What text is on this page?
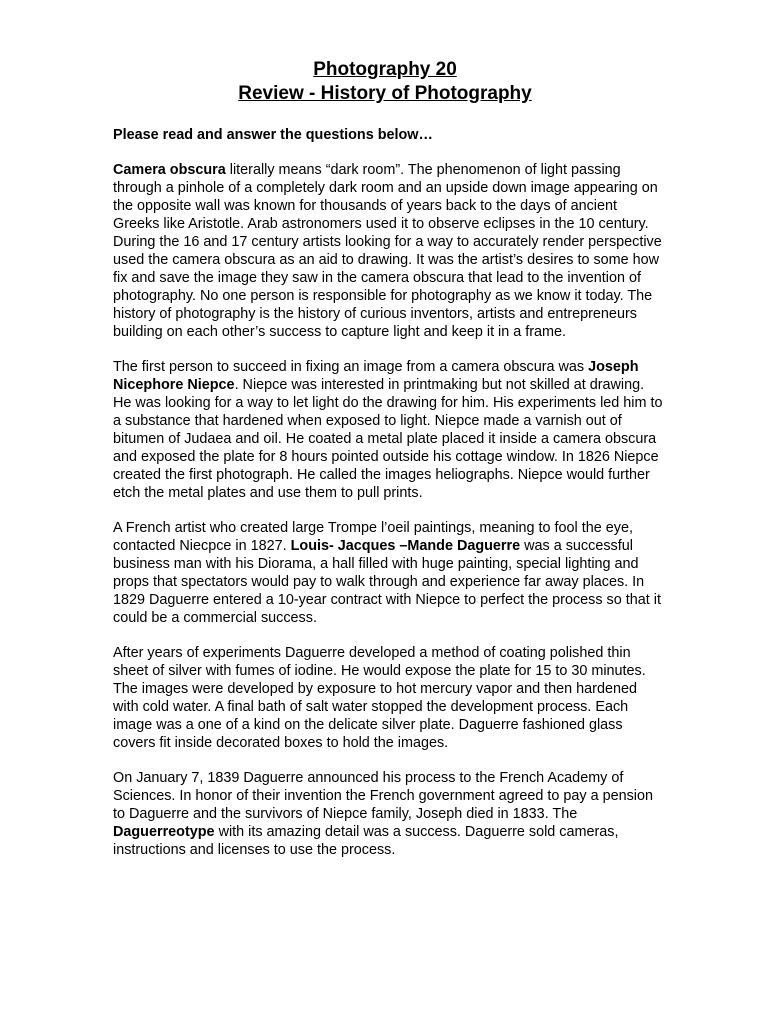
Photography 20
Review - History of Photography

Please read and answer the questions below…

Camera obscura literally means “dark room”. The phenomenon of light passing through a pinhole of a completely dark room and an upside down image appearing on the opposite wall was known for thousands of years back to the days of ancient Greeks like Aristotle. Arab astronomers used it to observe eclipses in the 10 century. During the 16 and 17 century artists looking for a way to accurately render perspective used the camera obscura as an aid to drawing. It was the artist’s desires to some how fix and save the image they saw in the camera obscura that lead to the invention of photography. No one person is responsible for photography as we know it today. The history of photography is the history of curious inventors, artists and entrepreneurs building on each other’s success to capture light and keep it in a frame.

The first person to succeed in fixing an image from a camera obscura was Joseph Nicephore Niepce. Niepce was interested in printmaking but not skilled at drawing. He was looking for a way to let light do the drawing for him. His experiments led him to a substance that hardened when exposed to light. Niepce made a varnish out of bitumen of Judaea and oil. He coated a metal plate placed it inside a camera obscura and exposed the plate for 8 hours pointed outside his cottage window. In 1826 Niepce created the first photograph. He called the images heliographs. Niepce would further etch the metal plates and use them to pull prints.

A French artist who created large Trompe l’oeil paintings, meaning to fool the eye, contacted Niecpce in 1827. Louis- Jacques –Mande Daguerre was a successful business man with his Diorama, a hall filled with huge painting, special lighting and props that spectators would pay to walk through and experience far away places. In 1829 Daguerre entered a 10-year contract with Niepce to perfect the process so that it could be a commercial success.

After years of experiments Daguerre developed a method of coating polished thin sheet of silver with fumes of iodine. He would expose the plate for 15 to 30 minutes. The images were developed by exposure to hot mercury vapor and then hardened with cold water. A final bath of salt water stopped the development process. Each image was a one of a kind on the delicate silver plate. Daguerre fashioned glass covers fit inside decorated boxes to hold the images.

On January 7, 1839 Daguerre announced his process to the French Academy of Sciences. In honor of their invention the French government agreed to pay a pension to Daguerre and the survivors of Niepce family, Joseph died in 1833. The Daguerreotype with its amazing detail was a success. Daguerre sold cameras, instructions and licenses to use the process.
